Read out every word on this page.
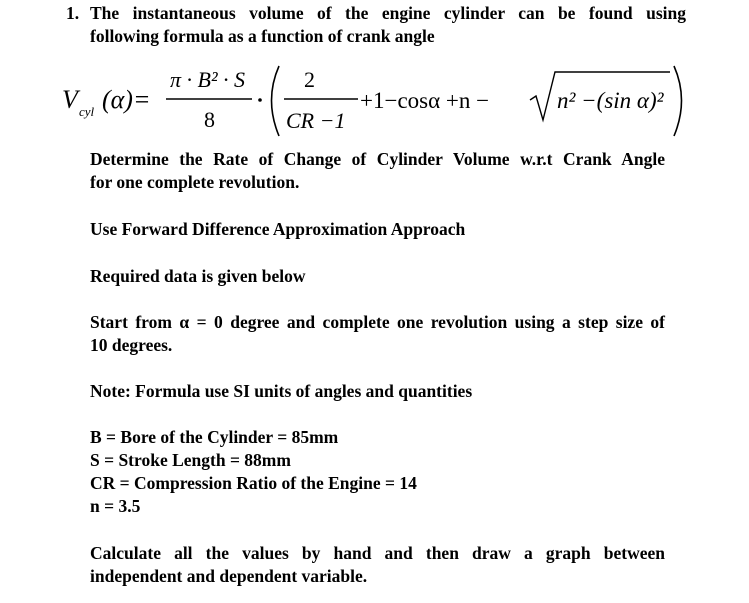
1. The instantaneous volume of the engine cylinder can be found using
following formula as a function of crank angle
V cyl (α)=
π · B² · S
8
2
CR −1
+1−cosα +n −	n² −(sin α)²
Determine the Rate of Change of Cylinder Volume w.r.t Crank Angle
for one complete revolution.
Use Forward Difference Approximation Approach
Required data is given below
Start from α = 0 degree and complete one revolution using a step size of
10 degrees.
Note: Formula use SI units of angles and quantities
B = Bore of the Cylinder = 85mm
S = Stroke Length = 88mm
CR = Compression Ratio of the Engine = 14
n = 3.5
Calculate all the values by hand and then draw a graph between
independent and dependent variable.
